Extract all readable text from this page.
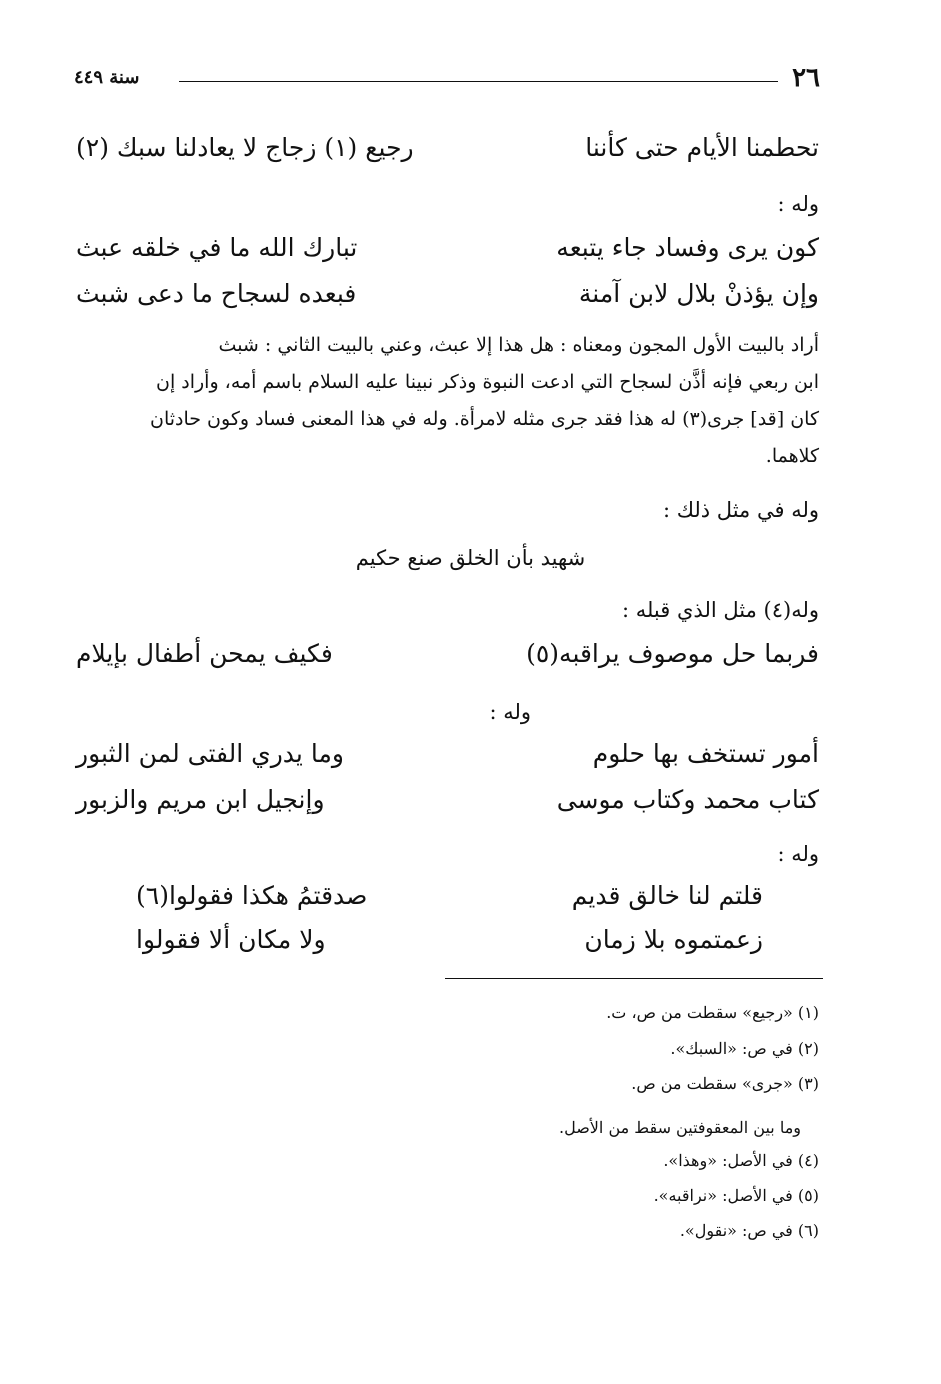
٢٦
سنة ٤٤٩
تحطمنا الأيام حتى كأننا
رجيع (١) زجاج لا يعادلنا سبك (٢)
وله :
كون يرى وفساد جاء يتبعه
تبارك الله ما في خلقه عبث
وإن يؤذنْ بلال لابن آمنة
فبعده لسجاح ما دعى شبث
أراد بالبيت الأول المجون ومعناه : هل هذا إلا عبث، وعني بالبيت الثاني : شبث
ابن ربعي فإنه أذَّن لسجاح التي ادعت النبوة وذكر نبينا عليه السلام باسم أمه، وأراد إن
كان [قد] جرى(٣) له هذا فقد جرى مثله لامرأة. وله في هذا المعنى فساد وكون حادثان
كلاهما.
وله في مثل ذلك :
شهيد بأن الخلق صنع حكيم
وله(٤) مثل الذي قبله :
فربما حل موصوف يراقبه(٥)
فكيف يمحن أطفال بإيلام
وله :
أمور تستخف بها حلوم
وما يدري الفتى لمن الثبور
كتاب محمد وكتاب موسى
وإنجيل ابن مريم والزبور
وله :
قلتم لنا خالق قديم
صدقتمُ هكذا فقولوا(٦)
زعمتموه بلا زمان
ولا مكان ألا فقولوا
(١) «رجيع» سقطت من ص، ت.
(٢) في ص: «السبك».
(٣) «جرى» سقطت من ص.
وما بين المعقوفتين سقط من الأصل.
(٤) في الأصل: «وهذا».
(٥) في الأصل: «نراقبه».
(٦) في ص: «نقول».
